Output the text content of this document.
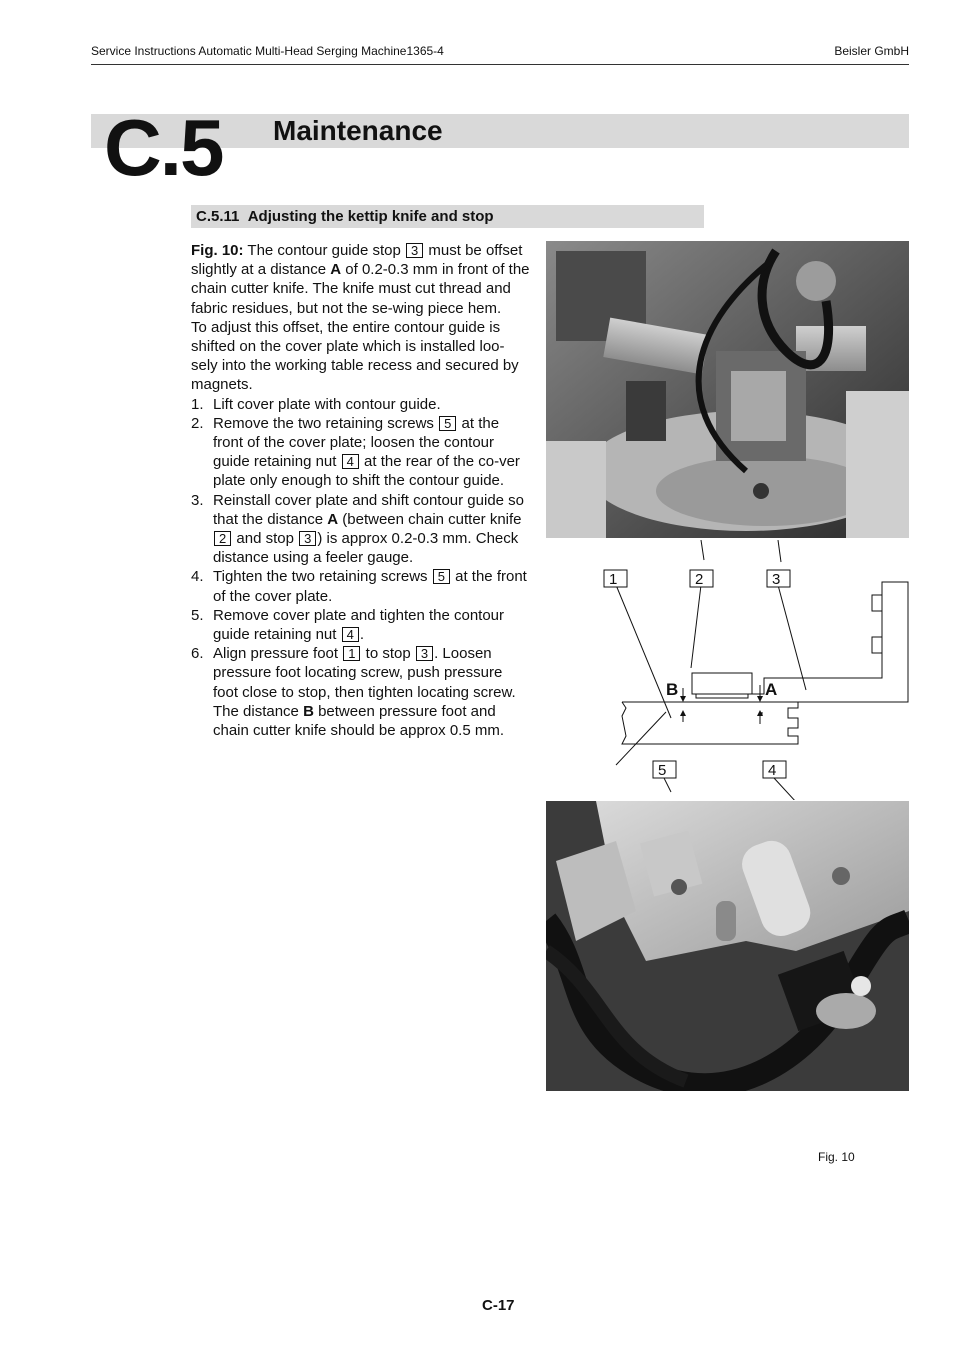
Service Instructions Automatic Multi-Head Serging Machine1365-4	Beisler GmbH
C.5 Maintenance
C.5.11 Adjusting the kettip knife and stop

Fig. 10: The contour guide stop 3 must be offset slightly at a distance A of 0.2-0.3 mm in front of the chain cutter knife. The knife must cut thread and fabric residues, but not the se-wing piece hem.

To adjust this offset, the entire contour guide is shifted on the cover plate which is installed loo-sely into the working table recess and secured by magnets.

1. Lift cover plate with contour guide.
2. Remove the two retaining screws 5 at the front of the cover plate; loosen the contour guide retaining nut 4 at the rear of the co-ver plate only enough to shift the contour guide.
3. Reinstall cover plate and shift contour guide so that the distance A (between chain cutter knife 2 and stop 3 ) is approx 0.2-0.3 mm. Check distance using a feeler gauge.
4. Tighten the two retaining screws 5 at the front of the cover plate.
5. Remove cover plate and tighten the contour guide retaining nut 4 .
6. Align pressure foot 1 to stop 3 . Loosen pressure foot locating screw, push pressure foot close to stop, then tighten locating screw. The distance B between pressure foot and chain cutter knife should be approx 0.5 mm.
1	2	3
5	4
B	A
Fig. 10
C-17
